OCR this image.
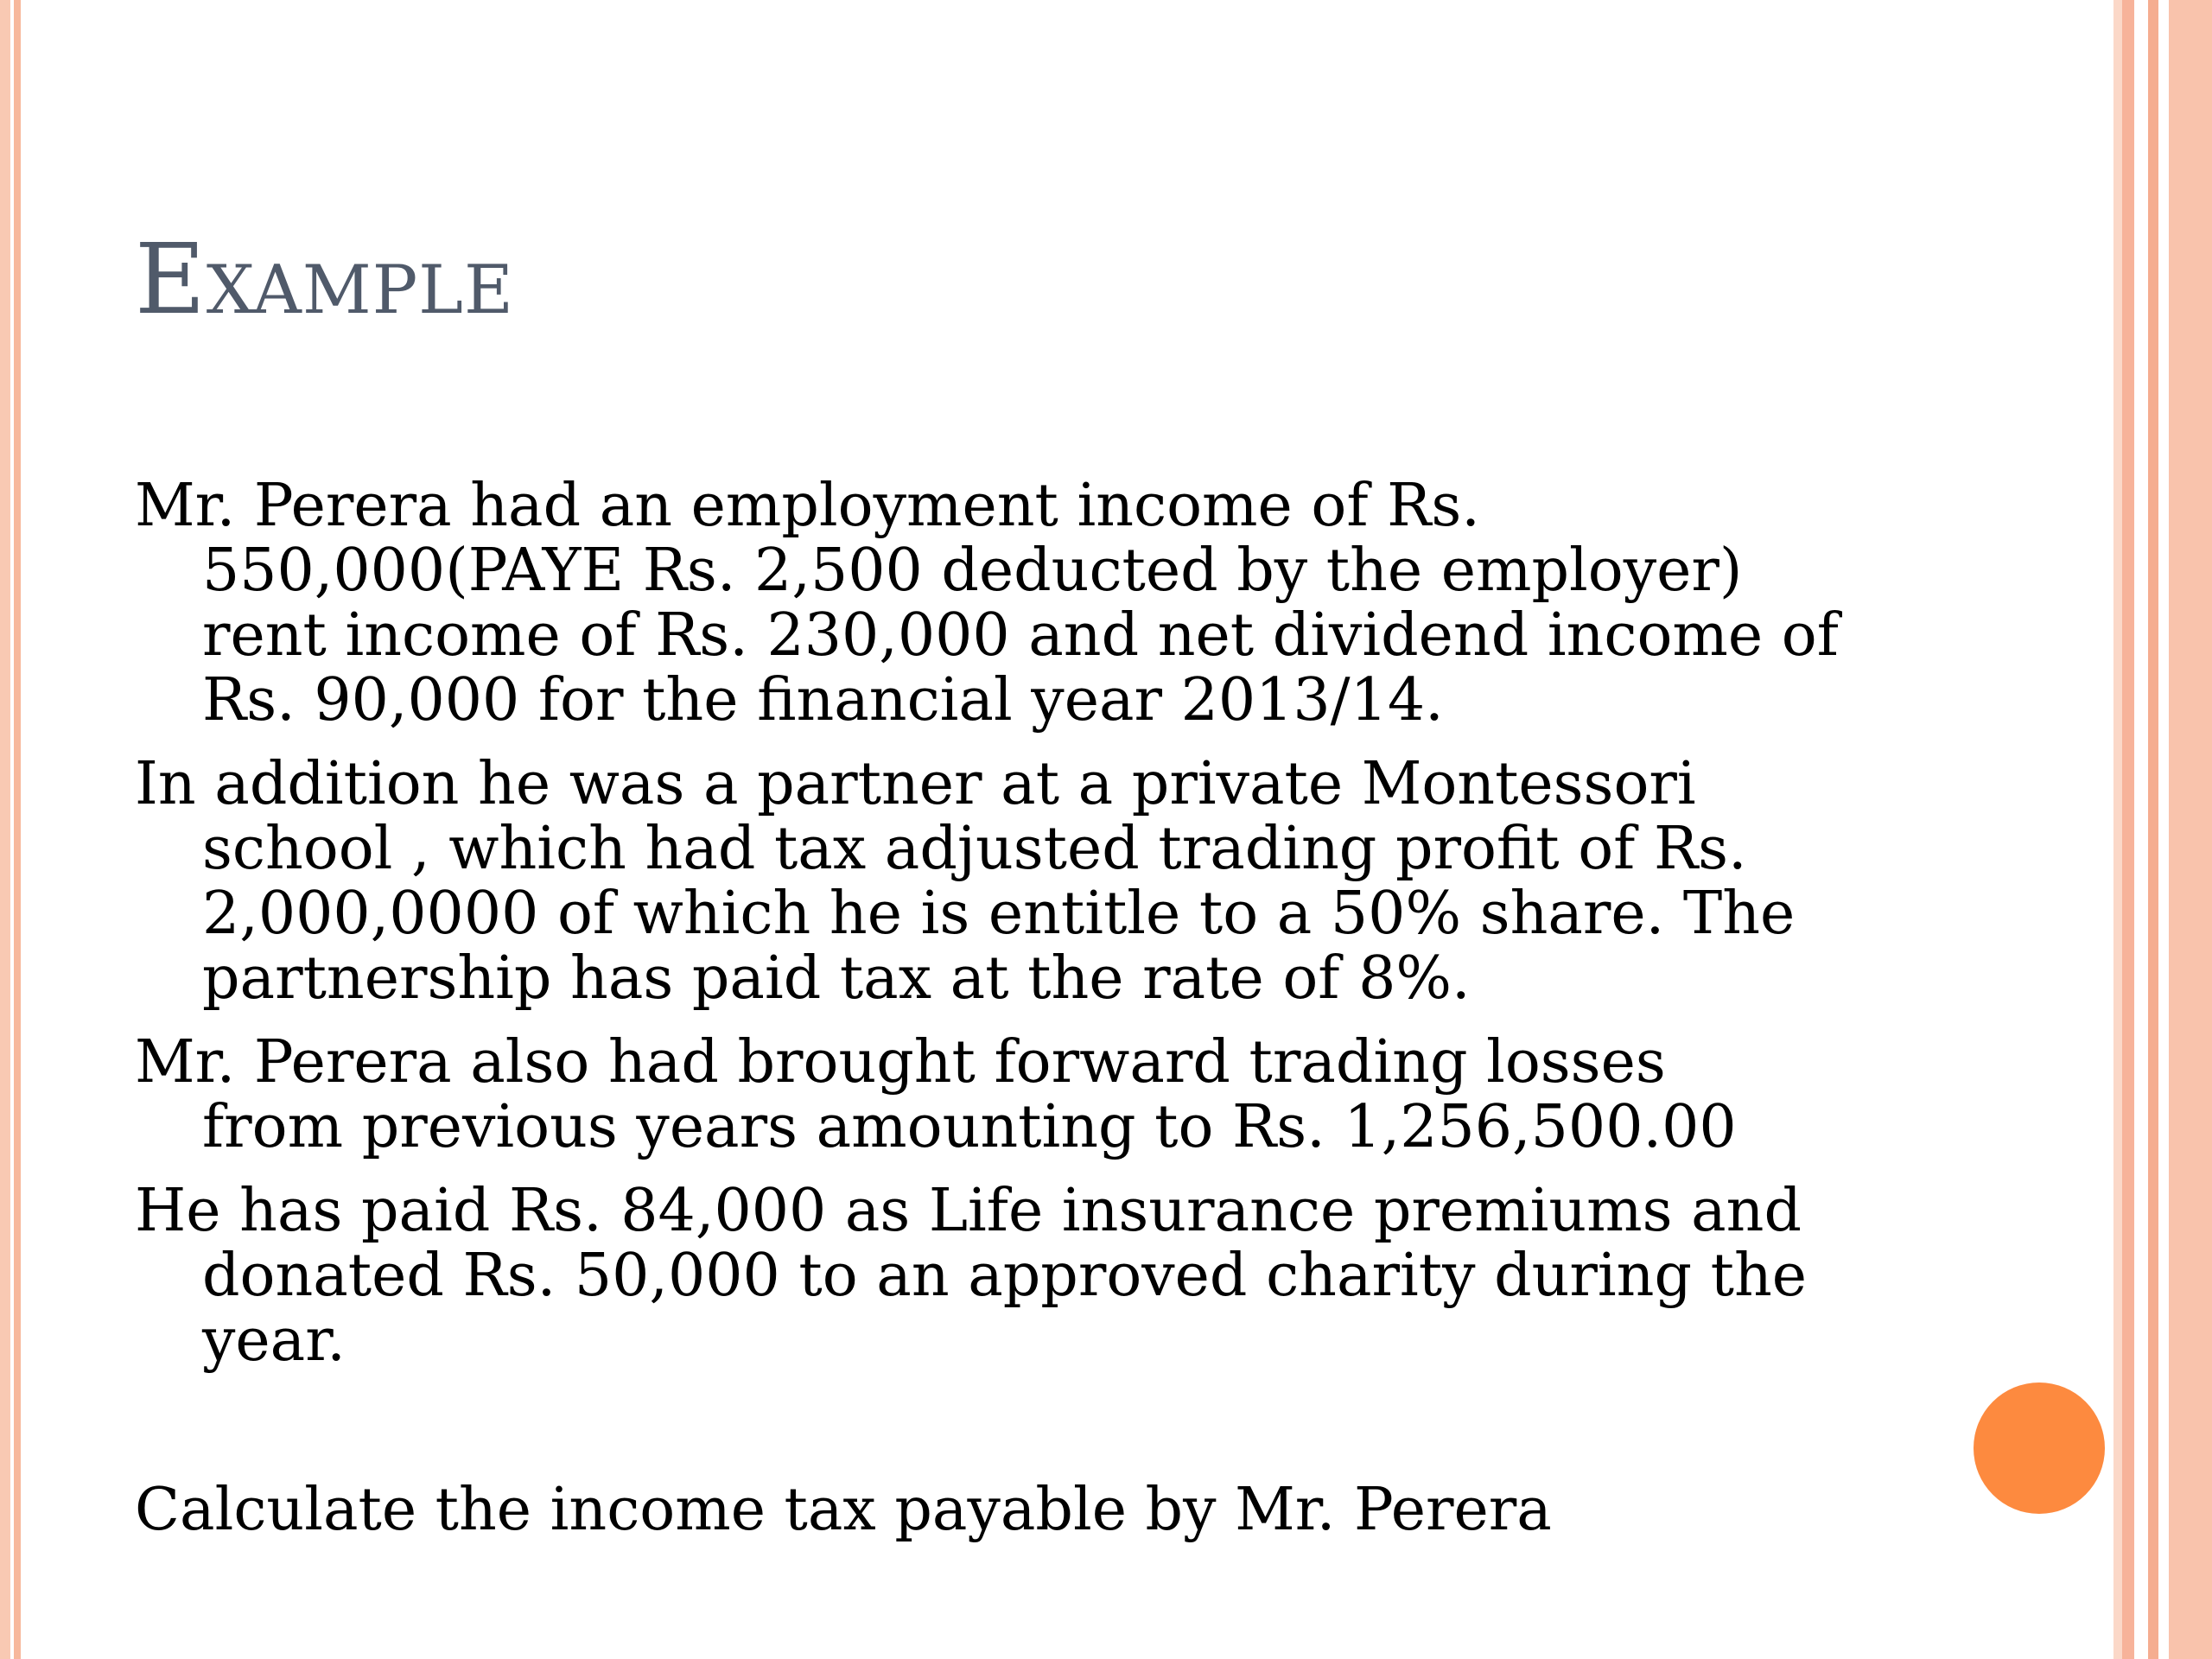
Example

Mr. Perera had an employment income of Rs.
550,000(PAYE Rs. 2,500 deducted by the employer)
rent income of Rs. 230,000 and net dividend income of
Rs. 90,000 for the financial year 2013/14.

In addition he was a partner at a private Montessori
school , which had tax adjusted trading profit of Rs.
2,000,0000 of which he is entitle to a 50% share. The
partnership has paid tax at the rate of 8%.

Mr. Perera also had brought forward trading losses
from previous years amounting to Rs. 1,256,500.00

He has paid Rs. 84,000 as Life insurance premiums and
donated Rs. 50,000 to an approved charity during the
year.

Calculate the income tax payable by Mr. Perera
